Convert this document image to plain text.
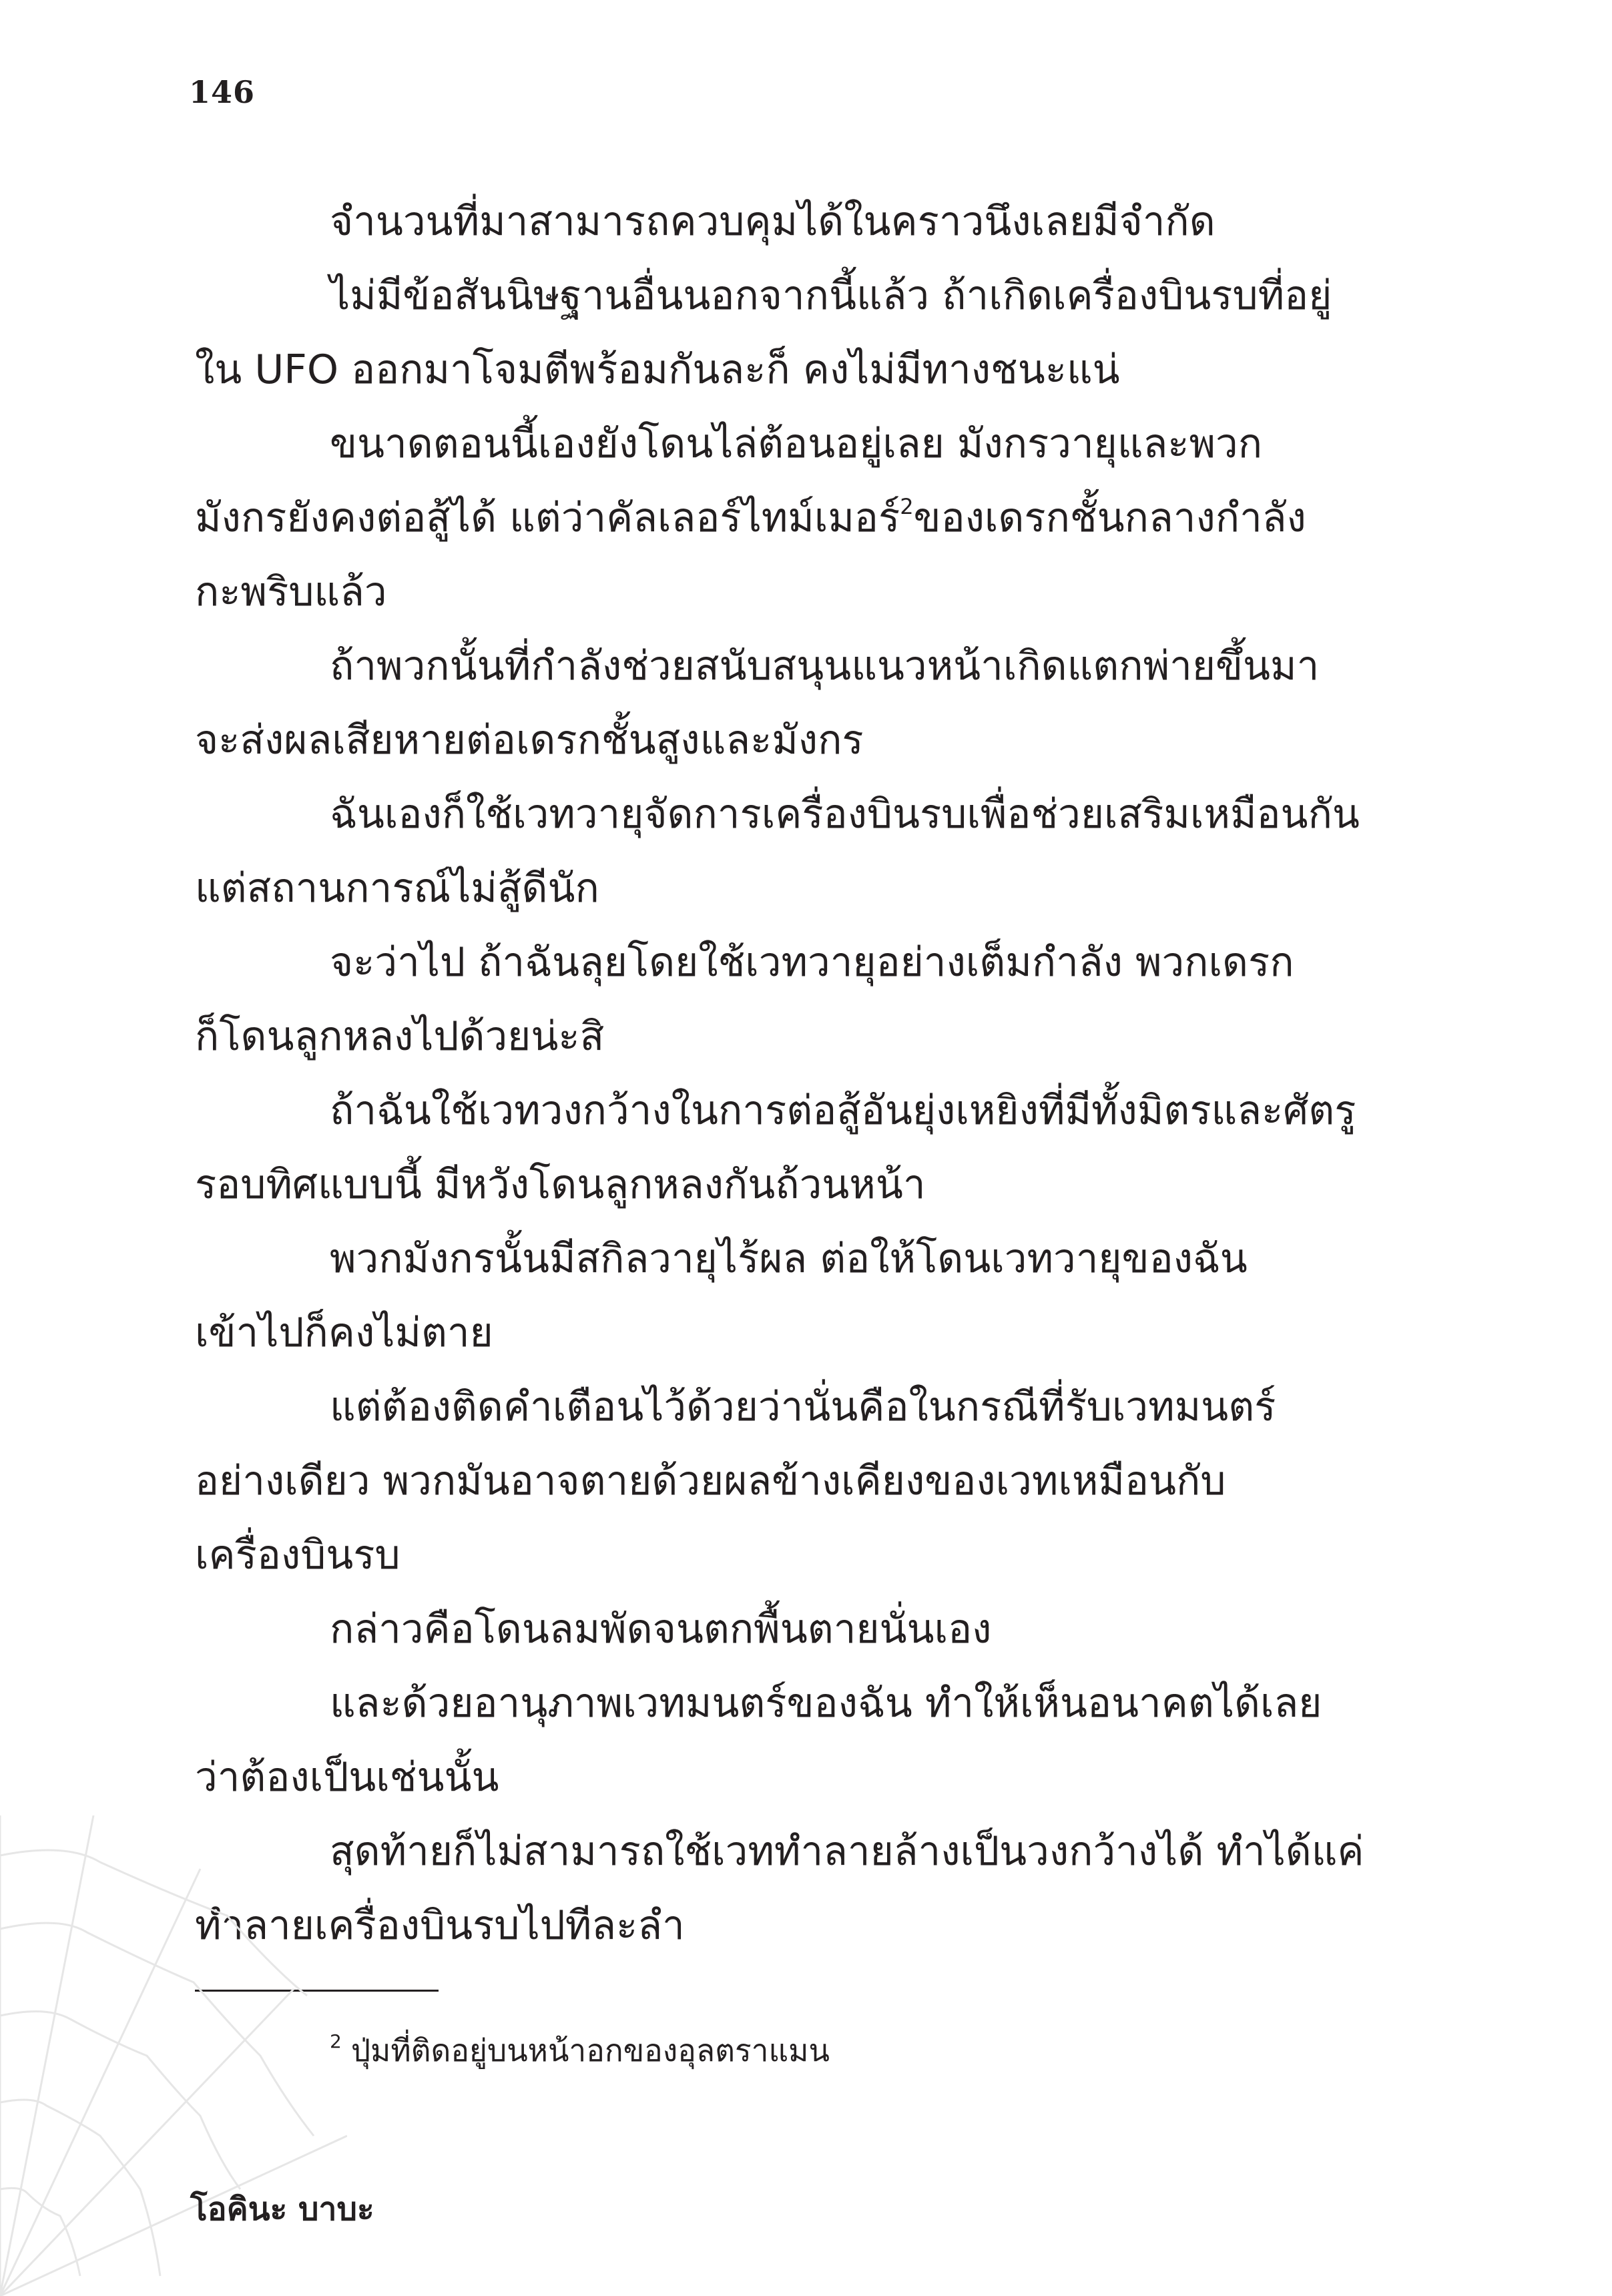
146
จำนวนที่มาสามารถควบคุมได้ในคราวนึงเลยมีจำกัด
ไม่มีข้อสันนิษฐานอื่นนอกจากนี้แล้ว ถ้าเกิดเครื่องบินรบที่อยู่
ใน UFO ออกมาโจมตีพร้อมกันละก็ คงไม่มีทางชนะแน่
ขนาดตอนนี้เองยังโดนไล่ต้อนอยู่เลย มังกรวายุและพวก
มังกรยังคงต่อสู้ได้ แต่ว่าคัลเลอร์ไทม์เมอร์$^2$ของเดรกชั้นกลางกำลัง
กะพริบแล้ว
ถ้าพวกนั้นที่กำลังช่วยสนับสนุนแนวหน้าเกิดแตกพ่ายขึ้นมา
จะส่งผลเสียหายต่อเดรกชั้นสูงและมังกร
ฉันเองก็ใช้เวทวายุจัดการเครื่องบินรบเพื่อช่วยเสริมเหมือนกัน
แต่สถานการณ์ไม่สู้ดีนัก
จะว่าไป ถ้าฉันลุยโดยใช้เวทวายุอย่างเต็มกำลัง พวกเดรก
ก็โดนลูกหลงไปด้วยน่ะสิ
ถ้าฉันใช้เวทวงกว้างในการต่อสู้อันยุ่งเหยิงที่มีทั้งมิตรและศัตรู
รอบทิศแบบนี้ มีหวังโดนลูกหลงกันถ้วนหน้า
พวกมังกรนั้นมีสกิลวายุไร้ผล ต่อให้โดนเวทวายุของฉัน
เข้าไปก็คงไม่ตาย
แต่ต้องติดคำเตือนไว้ด้วยว่านั่นคือในกรณีที่รับเวทมนตร์
อย่างเดียว พวกมันอาจตายด้วยผลข้างเคียงของเวทเหมือนกับ
เครื่องบินรบ
กล่าวคือโดนลมพัดจนตกพื้นตายนั่นเอง
และด้วยอานุภาพเวทมนตร์ของฉัน ทำให้เห็นอนาคตได้เลย
ว่าต้องเป็นเช่นนั้น
สุดท้ายก็ไม่สามารถใช้เวททำลายล้างเป็นวงกว้างได้ ทำได้แค่
ทำลายเครื่องบินรบไปทีละลำ
$^2$ ปุ่มที่ติดอยู่บนหน้าอกของอุลตราแมน
โอคินะ บาบะ
